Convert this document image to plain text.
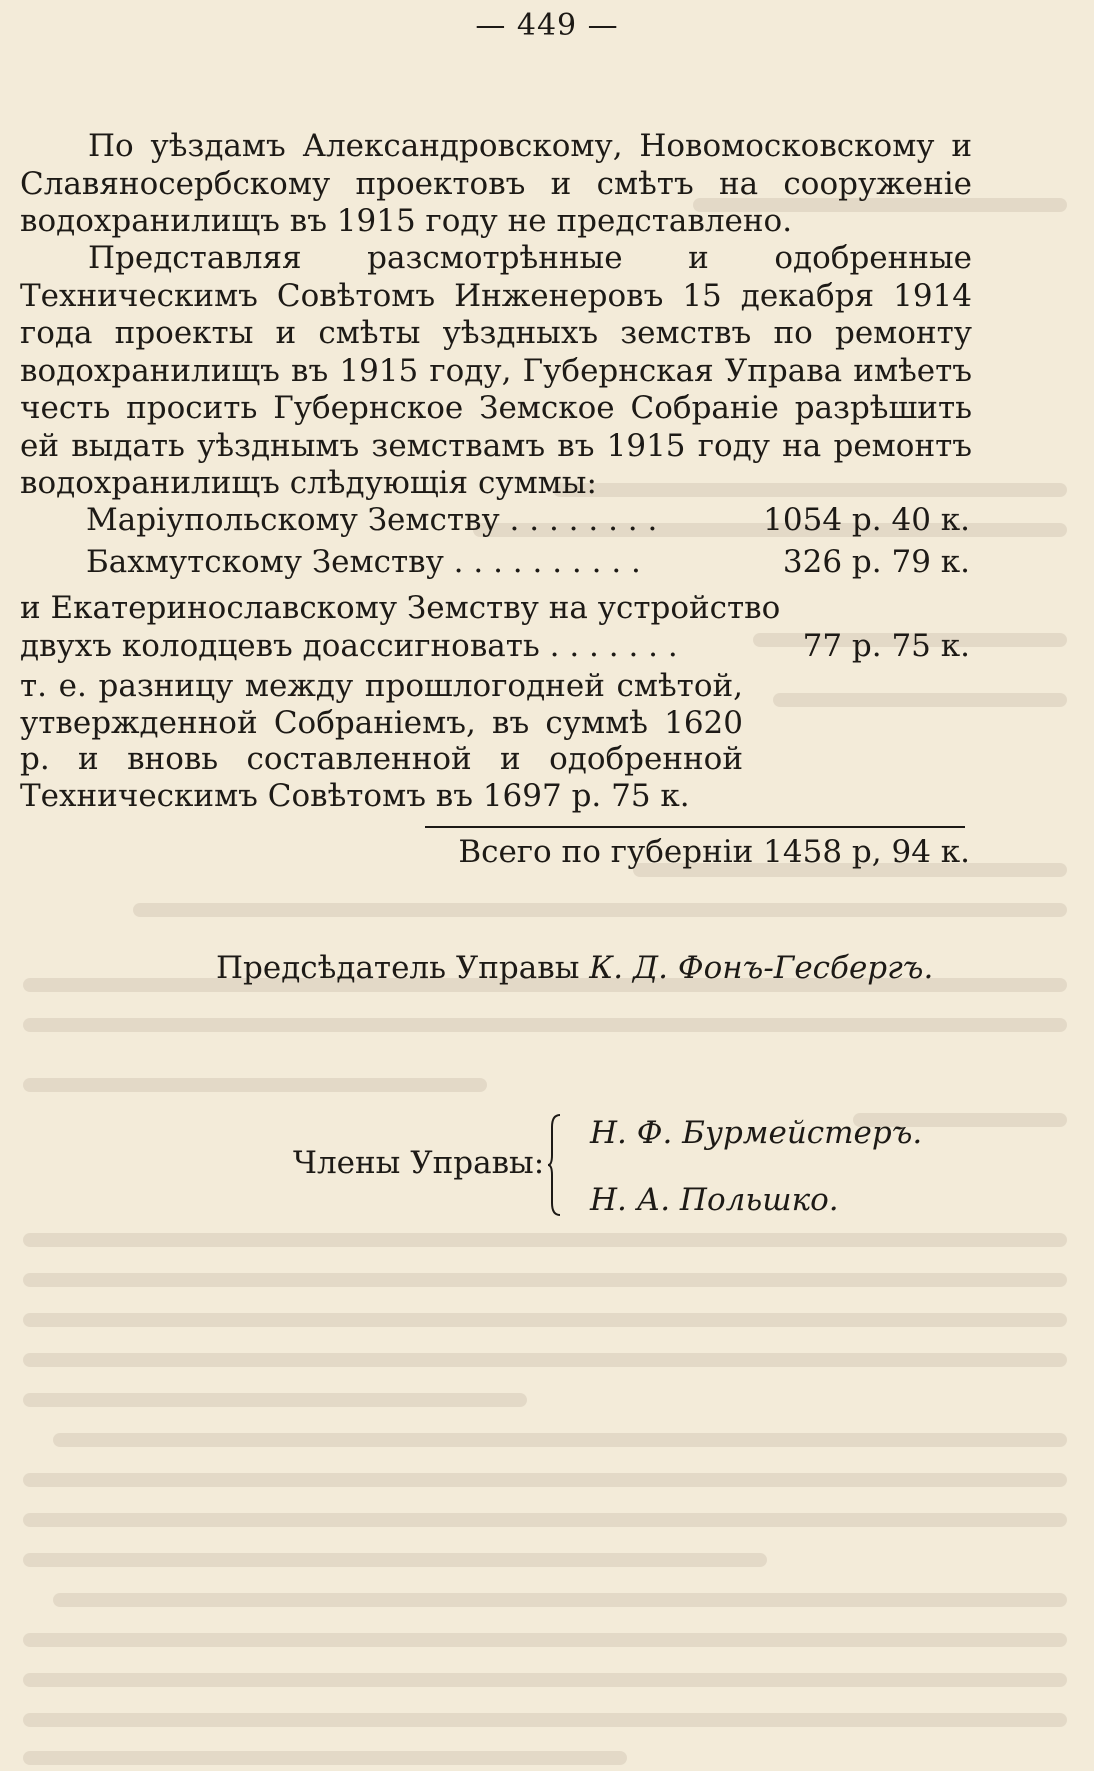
— 449 —

По уѣздамъ Александровскому, Новомосковскому и Славяносербскому проектовъ и смѣтъ на сооруженіе водохранилищъ въ 1915 году не представлено.

Представляя разсмотрѣнные и одобренные Техническимъ Совѣтомъ Инженеровъ 15 декабря 1914 года проекты и смѣты уѣздныхъ земствъ по ремонту водохранилищъ въ 1915 году, Губернская Управа имѣетъ честь просить Губернское Земское Собраніе разрѣшить ей выдать уѣзднымъ земствамъ въ 1915 году на ремонтъ водохранилищъ слѣдующія суммы:

Маріупольскому Земству . . . . . . . .	1054 р. 40 к.
Бахмутскому Земству . . . . . . . . . .	326 р. 79 к.
и Екатеринославскому Земству на устройство
двухъ колодцевъ доассигновать . . . . . . .	77 р. 75 к.

т. е. разницу между прошлогодней смѣтой, утвержденной Собраніемъ, въ суммѣ 1620 р. и вновь составленной и одобренной Техническимъ Совѣтомъ въ 1697 р. 75 к.

Всего по губерніи 1458 р, 94 к.
Предсѣдатель Управы К. Д. Фонъ-Гесбергъ.
Члены Управы:
Н. Ф. Бурмейстеръ.
Н. А. Польшко.
